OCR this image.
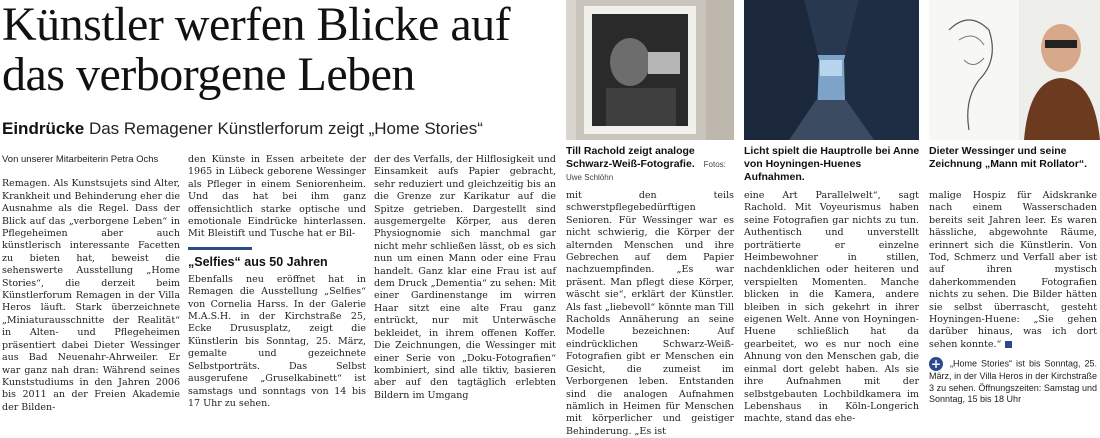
Künstler werfen Blicke auf das verborgene Leben
Eindrücke Das Remagener Künstlerforum zeigt „Home Stories“
Till Rachold zeigt analoge Schwarz-Weiß-Fotografie. Fotos: Uwe Schlöhn
Licht spielt die Hauptrolle bei Anne von Hoyningen-Huenes Aufnahmen.
Dieter Wessinger und seine Zeichnung „Mann mit Rollator“.
Von unserer Mitarbeiterin Petra Ochs

Remagen. Als Kunstsujets sind Alter, Krankheit und Behinderung eher die Ausnahme als die Regel. Dass der Blick auf das „verborgene Leben“ in Pflegeheimen aber auch künstlerisch interessante Facetten zu bieten hat, beweist die sehenswerte Ausstellung „Home Stories“, die derzeit beim Künstlerforum Remagen in der Villa Heros läuft. Stark überzeichnete „Miniaturausschnitte der Realität“ in Alten- und Pflegeheimen präsentiert dabei Dieter Wessinger aus Bad Neuenahr-Ahrweiler. Er war ganz nah dran: Während seines Kunststudiums in den Jahren 2006 bis 2011 an der Freien Akademie der Bilden-

den Künste in Essen arbeitete der 1965 in Lübeck geborene Wessinger als Pfleger in einem Seniorenheim. Und das hat bei ihm ganz offensichtlich starke optische und emotionale Eindrücke hinterlassen. Mit Bleistift und Tusche hat er Bil-

„Selfies“ aus 50 Jahren

Ebenfalls neu eröffnet hat in Remagen die Ausstellung „Selfies“ von Cornelia Harss. In der Galerie M.A.S.H. in der Kirchstraße 25, Ecke Drususplatz, zeigt die Künstlerin bis Sonntag, 25. März, gemalte und gezeichnete Selbstporträts. Das Selbst ausgerufene „Gruselkabinett“ ist samstags und sonntags von 14 bis 17 Uhr zu sehen.

der des Verfalls, der Hilflosigkeit und Einsamkeit aufs Papier gebracht, sehr reduziert und gleichzeitig bis an die Grenze zur Karikatur auf die Spitze getrieben. Dargestellt sind ausgemergelte Körper, aus deren Physiognomie sich manchmal gar nicht mehr schließen lässt, ob es sich nun um einen Mann oder eine Frau handelt. Ganz klar eine Frau ist auf dem Druck „Dementia“ zu sehen: Mit einer Gardinenstange im wirren Haar sitzt eine alte Frau ganz entrückt, nur mit Unterwäsche bekleidet, in ihrem offenen Koffer. Die Zeichnungen, die Wessinger mit einer Serie von „Doku-Fotografien“ kombiniert, sind alle tiktiv, basieren aber auf den tagtäglich erlebten Bildern im Umgang

mit den teils schwerstpflegebedürftigen Senioren. Für Wessinger war es nicht schwierig, die Körper der alternden Menschen und ihre Gebrechen auf dem Papier nachzuempfinden. „Es war präsent. Man pflegt diese Körper, wäscht sie“, erklärt der Künstler. Als fast „liebevoll“ könnte man Till Racholds Annäherung an seine Modelle bezeichnen: Auf eindrücklichen Schwarz-Weiß-Fotografien gibt er Menschen ein Gesicht, die zumeist im Verborgenen leben. Entstanden sind die analogen Aufnahmen nämlich in Heimen für Menschen mit körperlicher und geistiger Behinderung. „Es ist

eine Art Parallelwelt“, sagt Rachold. Mit Voyeurismus haben seine Fotografien gar nichts zu tun. Authentisch und unverstellt porträtierte er einzelne Heimbewohner in stillen, nachdenklichen oder heiteren und verspielten Momenten. Manche blicken in die Kamera, andere bleiben in sich gekehrt in ihrer eigenen Welt. Anne von Hoyningen-Huene schließlich hat da gearbeitet, wo es nur noch eine Ahnung von den Menschen gab, die einmal dort gelebt haben. Als sie ihre Aufnahmen mit der selbstgebauten Lochbildkamera im Lebenshaus in Köln-Longerich machte, stand das ehe-

malige Hospiz für Aidskranke nach einem Wasserschaden bereits seit Jahren leer. Es waren hässliche, abgewohnte Räume, erinnert sich die Künstlerin. Von Tod, Schmerz und Verfall aber ist auf ihren mystisch daherkommenden Fotografien nichts zu sehen. Die Bilder hätten sie selbst überrascht, gesteht Hoyningen-Huene: „Sie gehen darüber hinaus, was ich dort sehen konnte.“

+ „Home Stories“ ist bis Sonntag, 25. März, in der Villa Heros in der Kirchstraße 3 zu sehen. Öffnungszeiten: Samstag und Sonntag, 15 bis 18 Uhr
